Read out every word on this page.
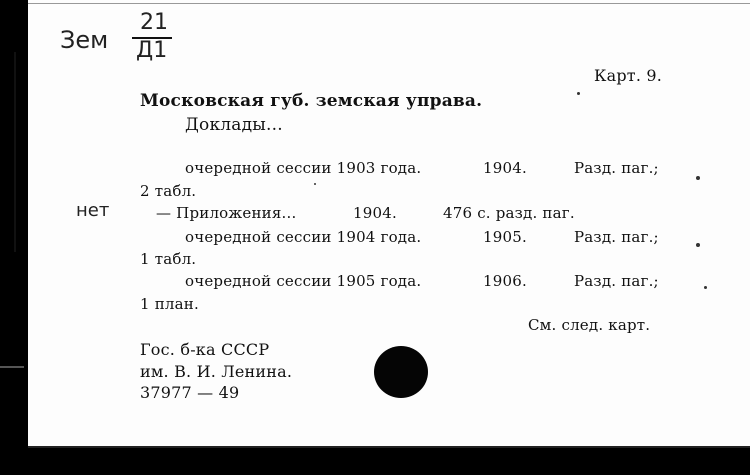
Зем
21
Д1
нет
Карт. 9.
Московская губ. земская управа.
Доклады...
очередной сессии 1903 года.	1904.	Разд. паг.;
2 табл.
— Приложения...	1904.	476 с. разд. паг.
очередной сессии 1904 года.	1905.	Разд. паг.;
1 табл.
очередной сессии 1905 года.	1906.	Разд. паг.;
1 план.
См. след. карт.
Гос. б-ка СССР
им. В. И. Ленина.
37977 — 49
